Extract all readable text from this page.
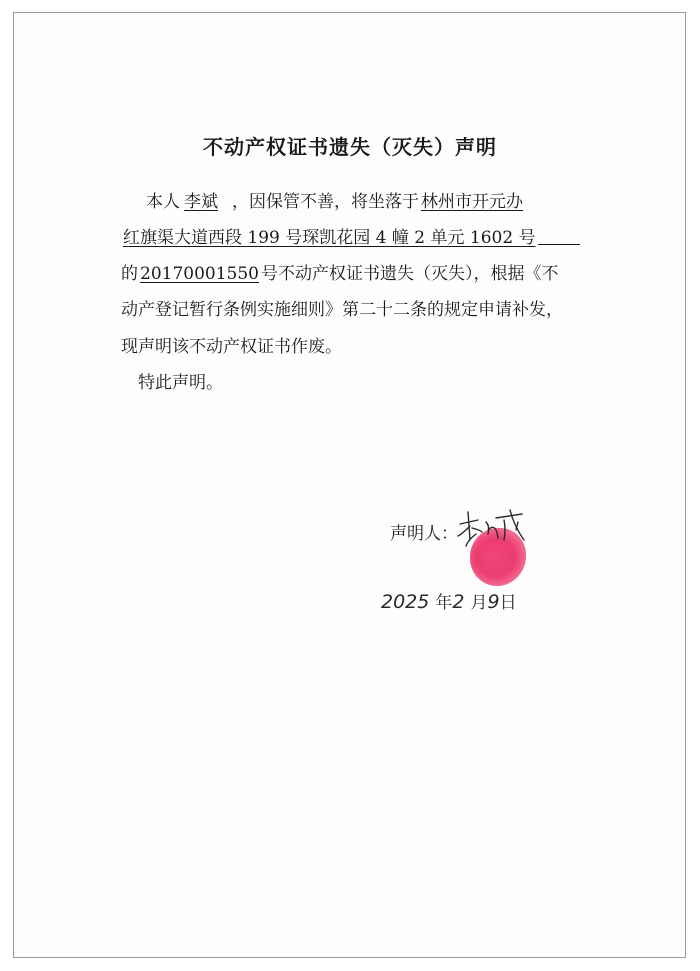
不动产权证书遗失（灭失）声明
本人 李斌 ，因保管不善，将坐落于 林州市开元办
红旗渠大道西段 199 号琛凯花园 4 幢 2 单元 1602 号
的 20170001550 号不动产权证书遗失（灭失），根据《不
动产登记暂行条例实施细则》第二十二条的规定申请补发，
现声明该不动产权证书作废。
特此声明。
声明人：
2025 年2 月9日
